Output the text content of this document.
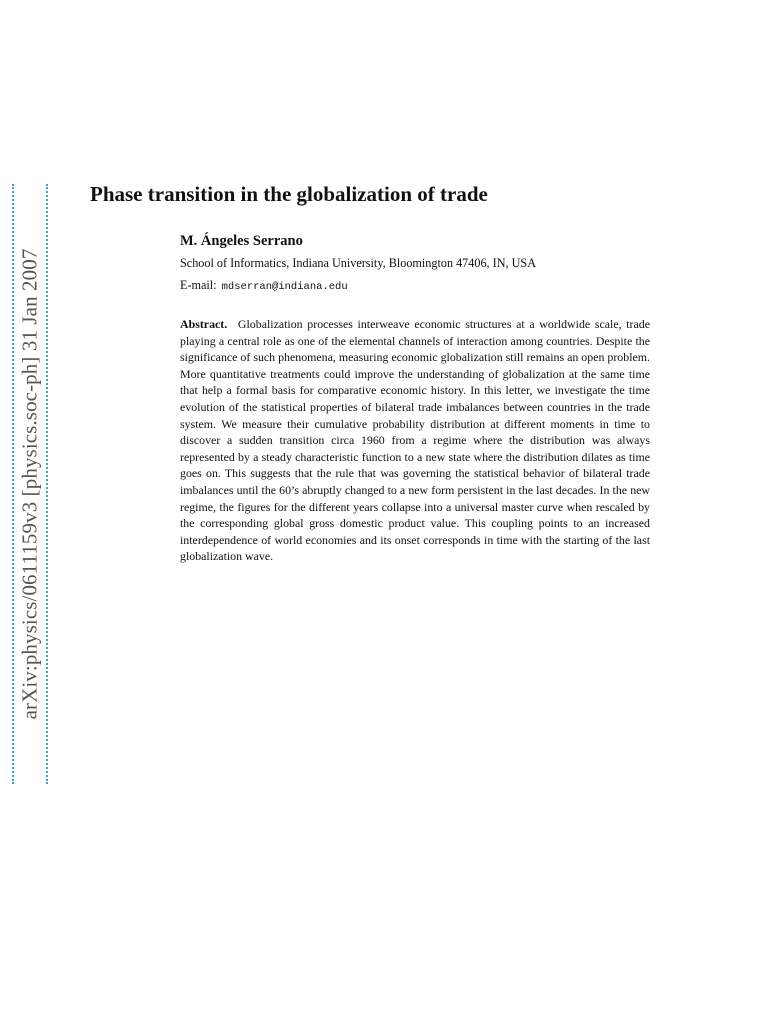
arXiv:physics/0611159v3 [physics.soc-ph] 31 Jan 2007
Phase transition in the globalization of trade
M. Ángeles Serrano
School of Informatics, Indiana University, Bloomington 47406, IN, USA
E-mail: mdserran@indiana.edu
Abstract. Globalization processes interweave economic structures at a worldwide scale, trade playing a central role as one of the elemental channels of interaction among countries. Despite the significance of such phenomena, measuring economic globalization still remains an open problem. More quantitative treatments could improve the understanding of globalization at the same time that help a formal basis for comparative economic history. In this letter, we investigate the time evolution of the statistical properties of bilateral trade imbalances between countries in the trade system. We measure their cumulative probability distribution at different moments in time to discover a sudden transition circa 1960 from a regime where the distribution was always represented by a steady characteristic function to a new state where the distribution dilates as time goes on. This suggests that the rule that was governing the statistical behavior of bilateral trade imbalances until the 60’s abruptly changed to a new form persistent in the last decades. In the new regime, the figures for the different years collapse into a universal master curve when rescaled by the corresponding global gross domestic product value. This coupling points to an increased interdependence of world economies and its onset corresponds in time with the starting of the last globalization wave.
